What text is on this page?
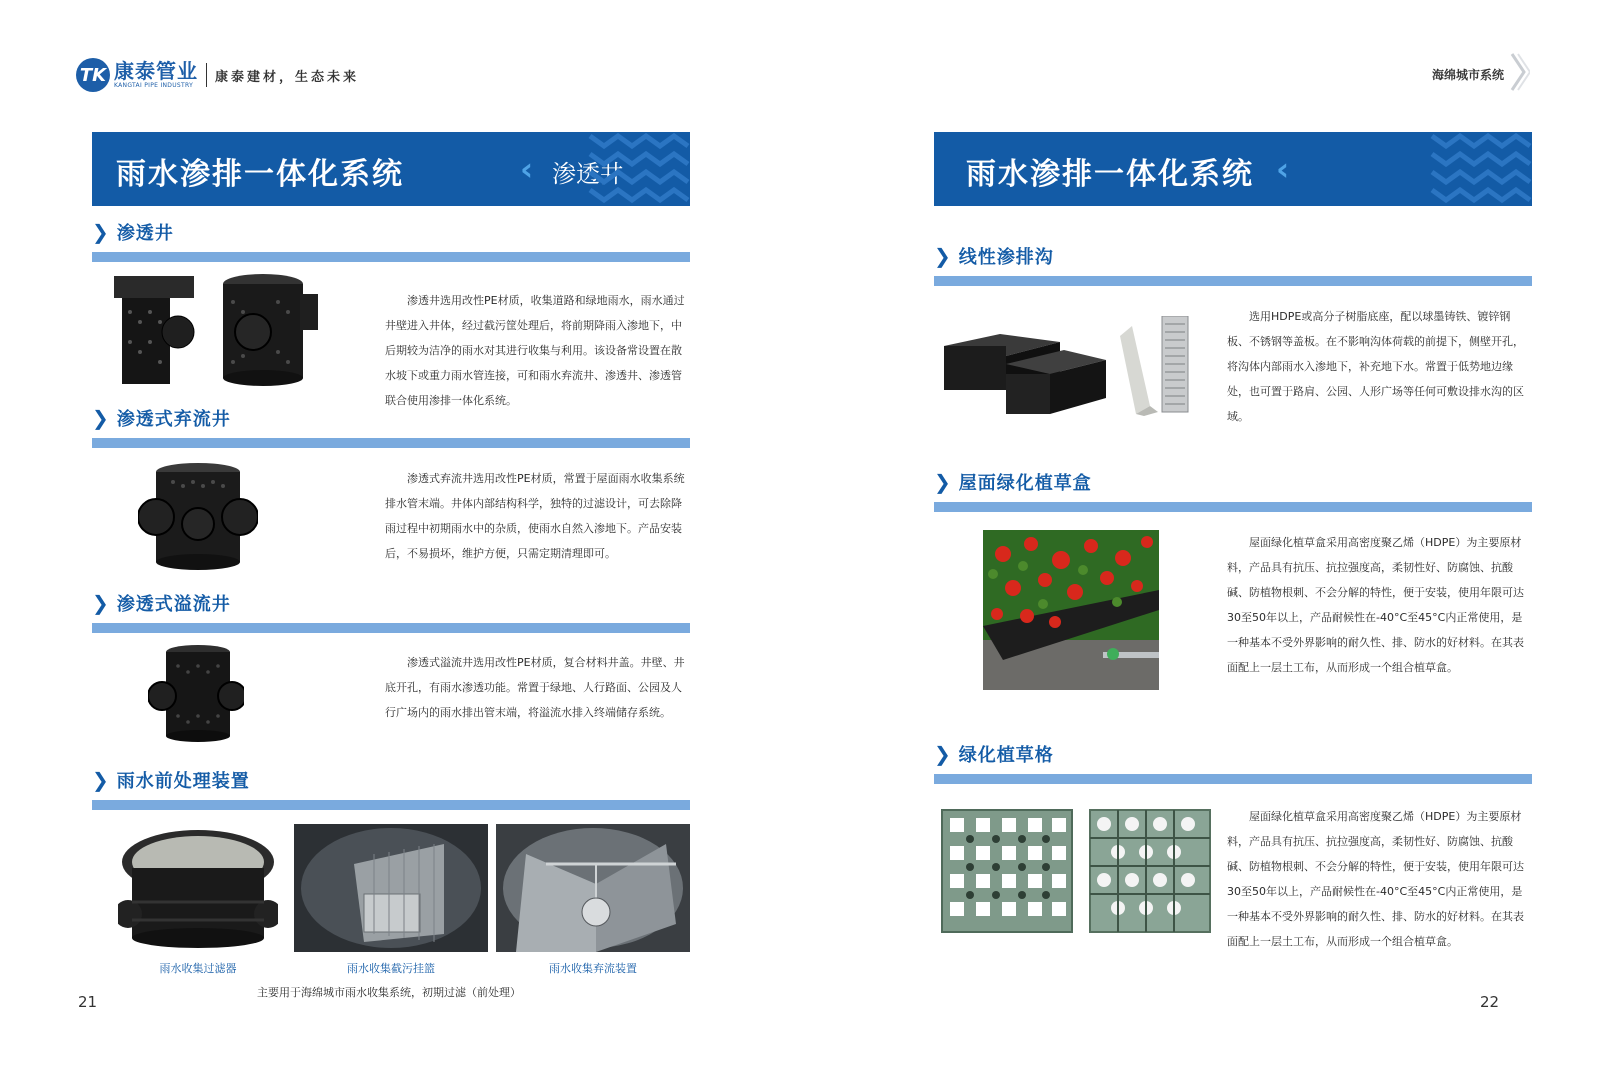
TK 康泰管业
KANGTAI PIPE INDUSTRY
康泰建材，生态未来
雨水渗排一体化系统	‹ 渗透井
❯ 渗透井
渗透井选用改性PE材质，收集道路和绿地雨水，雨水通过井壁进入井体，经过截污筐处理后，将前期降雨入渗地下，中后期较为洁净的雨水对其进行收集与利用。该设备常设置在散水坡下或重力雨水管连接，可和雨水弃流井、渗透井、渗透管联合使用渗排一体化系统。
❯ 渗透式弃流井
渗透式弃流井选用改性PE材质，常置于屋面雨水收集系统排水管末端。井体内部结构科学，独特的过滤设计，可去除降雨过程中初期雨水中的杂质，使雨水自然入渗地下。产品安装后，不易损坏，维护方便，只需定期清理即可。
❯ 渗透式溢流井
渗透式溢流井选用改性PE材质，复合材料井盖。井壁、井底开孔，有雨水渗透功能。常置于绿地、人行路面、公园及人行广场内的雨水排出管末端，将溢流水排入终端储存系统。
❯ 雨水前处理装置
雨水收集过滤器	雨水收集截污挂篮	雨水收集弃流装置
主要用于海绵城市雨水收集系统，初期过滤（前处理）
21
海绵城市系统
雨水渗排一体化系统 ‹
❯ 线性渗排沟
选用HDPE或高分子树脂底座，配以球墨铸铁、镀锌钢板、不锈钢等盖板。在不影响沟体荷载的前提下，侧壁开孔，将沟体内部雨水入渗地下，补充地下水。常置于低势地边缘处，也可置于路肩、公园、人形广场等任何可敷设排水沟的区域。
❯ 屋面绿化植草盒
屋面绿化植草盒采用高密度聚乙烯（HDPE）为主要原材料，产品具有抗压、抗拉强度高，柔韧性好、防腐蚀、抗酸碱、防植物根刺、不会分解的特性，便于安装，使用年限可达30至50年以上，产品耐候性在-40°C至45°C内正常使用，是一种基本不受外界影响的耐久性、排、防水的好材料。在其表面配上一层土工布，从而形成一个组合植草盒。
❯ 绿化植草格
屋面绿化植草盒采用高密度聚乙烯（HDPE）为主要原材料，产品具有抗压、抗拉强度高，柔韧性好、防腐蚀、抗酸碱、防植物根刺、不会分解的特性，便于安装，使用年限可达30至50年以上，产品耐候性在-40°C至45°C内正常使用，是一种基本不受外界影响的耐久性、排、防水的好材料。在其表面配上一层土工布，从而形成一个组合植草盒。
22
